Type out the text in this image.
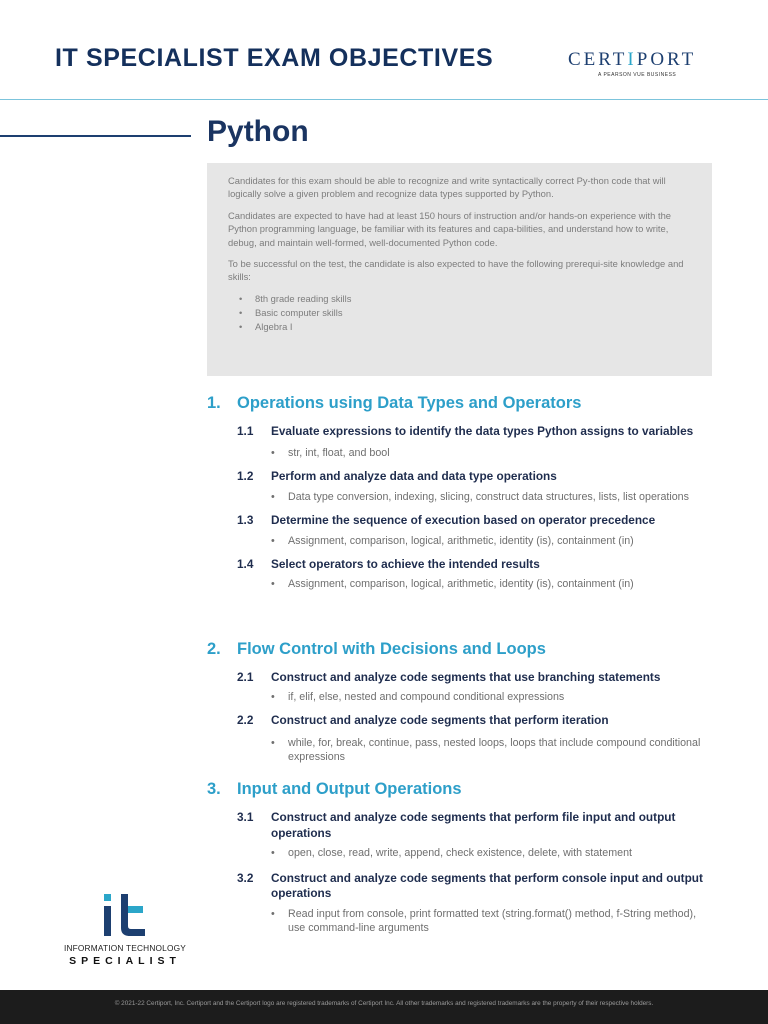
IT SPECIALIST EXAM OBJECTIVES	CERTIPORT
A PEARSON VUE BUSINESS
Python

Candidates for this exam should be able to recognize and write syntactically correct Py-thon code that will logically solve a given problem and recognize data types supported by Python.

Candidates are expected to have had at least 150 hours of instruction and/or hands-on experience with the Python programming language, be familiar with its features and capa-bilities, and understand how to write, debug, and maintain well-formed, well-documented Python code.

To be successful on the test, the candidate is also expected to have the following prerequi-site knowledge and skills:

• 8th grade reading skills
• Basic computer skills
• Algebra I
1. Operations using Data Types and Operators
1.1	Evaluate expressions to identify the data types Python assigns to variables
• str, int, float, and bool
1.2	Perform and analyze data and data type operations
• Data type conversion, indexing, slicing, construct data structures, lists, list operations
1.3	Determine the sequence of execution based on operator precedence
• Assignment, comparison, logical, arithmetic, identity (is), containment (in)
1.4	Select operators to achieve the intended results
• Assignment, comparison, logical, arithmetic, identity (is), containment (in)
2. Flow Control with Decisions and Loops
2.1	Construct and analyze code segments that use branching statements
• if, elif, else, nested and compound conditional expressions
2.2	Construct and analyze code segments that perform iteration
• while, for, break, continue, pass, nested loops, loops that include compound conditional expressions
3. Input and Output Operations
3.1	Construct and analyze code segments that perform file input and output operations
• open, close, read, write, append, check existence, delete, with statement
3.2	Construct and analyze code segments that perform console input and output operations
• Read input from console, print formatted text (string.format() method, f-String method), use command-line arguments
INFORMATION TECHNOLOGY
SPECIALIST
© 2021-22 Certiport, Inc. Certiport and the Certiport logo are registered trademarks of Certiport Inc. All other trademarks and registered trademarks are the property of their respective holders.
